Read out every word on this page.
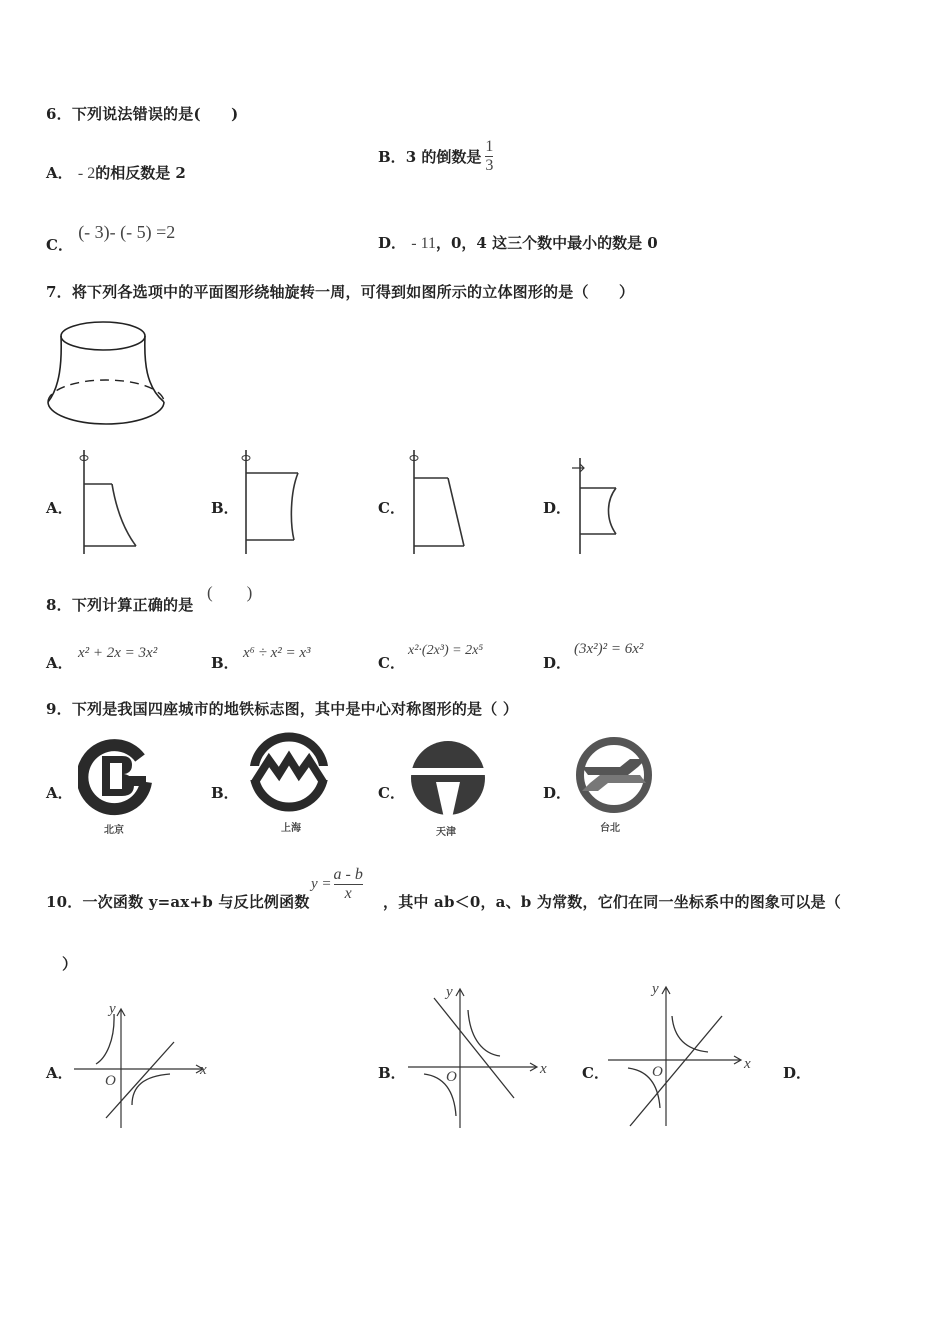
6．下列说法错误的是(　　)
A． - 2的相反数是 2
B． 3 的倒数是 $\frac{1}{3}$
C． (- 3)- (- 5) =2
D． - 11，0，4 这三个数中最小的数是 0
7．将下列各选项中的平面图形绕轴旋转一周，可得到如图所示的立体图形的是（　　）
A．	B．	C．	D．
8．下列计算正确的是
(　　)
A．
x² + 2x = 3x²
B．
x⁶ ÷ x² = x³
C．
x²·(2x³) = 2x⁵
D．
(3x²)² = 6x²
9．下列是我国四座城市的地铁标志图，其中是中心对称图形的是（ ）
A．
北京
B．
上海
C．
天津
D．
台北
10．一次函数 y=ax+b 与反比例函数
$y = \frac{a - b}{x}$ ，其中 ab＜0，a、b 为常数，它们在同一坐标系中的图象可以是（
）
A．
y
x
O	B．
y
x
O	C．
y
x
O	D．
